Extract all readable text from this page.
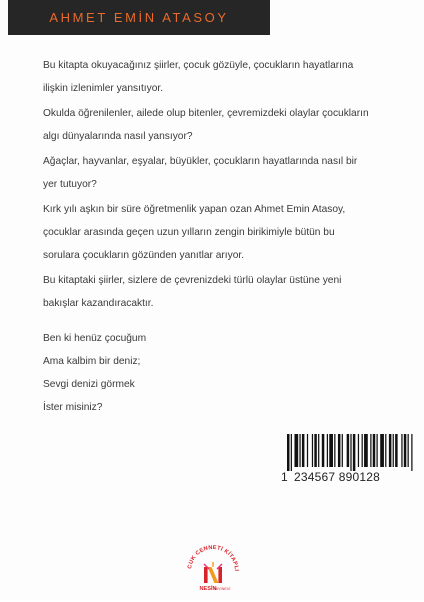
AHMET EMİN ATASOY

Bu kitapta okuyacağınız şiirler, çocuk gözüyle, çocukların hayatlarına ilişkin izlenimler yansıtıyor.

Okulda öğrenilenler, ailede olup bitenler, çevremizdeki olaylar çocukların algı dünyalarında nasıl yansıyor?

Ağaçlar, hayvanlar, eşyalar, büyükler, çocukların hayatlarında nasıl bir yer tutuyor?

Kırk yılı aşkın bir süre öğretmenlik yapan ozan Ahmet Emin Atasoy, çocuklar arasında geçen uzun yılların zengin birikimiyle bütün bu sorulara çocukların gözünden yanıtlar arıyor.

Bu kitaptaki şiirler, sizlere de çevrenizdeki türlü olaylar üstüne yeni bakışlar kazandıracaktır.

Ben ki henüz çocuğum
Ama kalbim bir deniz;
Sevgi denizi görmek
İster misiniz?
1 234567 890128
CUK CENNETİ KİTAPLI
NESİN
YAYINEVİ
